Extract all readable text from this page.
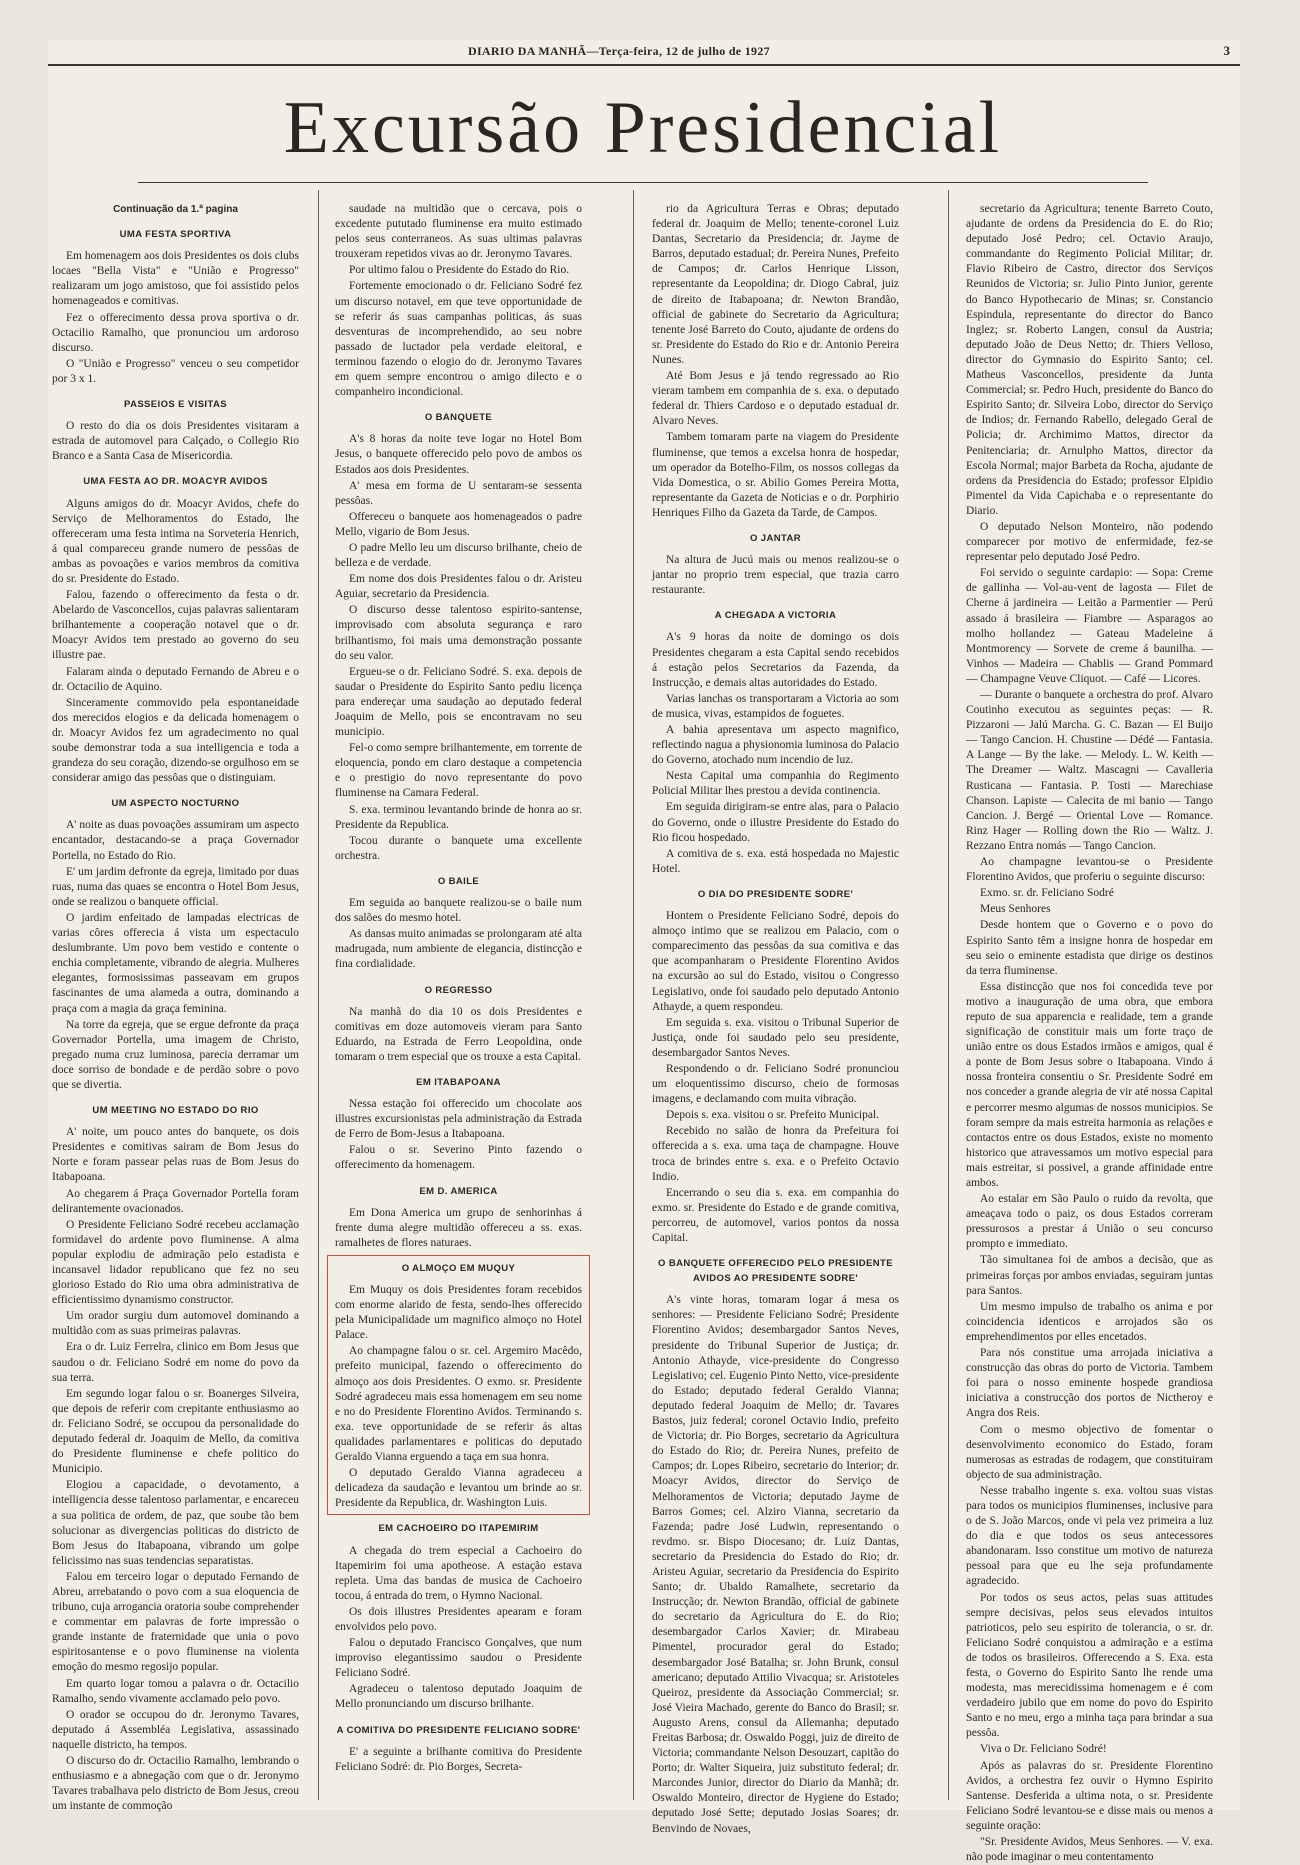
DIARIO DA MANHÃ—Terça-feira, 12 de julho de 1927	3
Excursão Presidencial
Continuação da 1.ª pagina
UMA FESTA SPORTIVA

Em homenagem aos dois Presidentes os dois clubs locaes "Bella Vista" e "União e Progresso" realizaram um jogo amistoso, que foi assistido pelos homenageados e comitivas.

Fez o offerecimento dessa prova sportiva o dr. Octacilio Ramalho, que pronunciou um ardoroso discurso.

O "União e Progresso" venceu o seu competidor por 3 x 1.

PASSEIOS E VISITAS

O resto do dia os dois Presidentes visitaram a estrada de automovel para Calçado, o Collegio Rio Branco e a Santa Casa de Misericordia.

UMA FESTA AO DR. MOACYR AVIDOS

Alguns amigos do dr. Moacyr Avidos, chefe do Serviço de Melhoramentos do Estado, lhe offereceram uma festa intima na Sorveteria Henrich, á qual compareceu grande numero de pessôas de ambas as povoações e varios membros da comitiva do sr. Presidente do Estado.

Falou, fazendo o offerecimento da festa o dr. Abelardo de Vasconcellos, cujas palavras salientaram brilhantemente a cooperação notavel que o dr. Moacyr Avidos tem prestado ao governo do seu illustre pae.

Falaram ainda o deputado Fernando de Abreu e o dr. Octacilio de Aquino.

Sinceramente commovido pela espontaneidade dos merecidos elogios e da delicada homenagem o dr. Moacyr Avidos fez um agradecimento no qual soube demonstrar toda a sua intelligencia e toda a grandeza do seu coração, dizendo-se orgulhoso em se considerar amigo das pessôas que o distinguiam.

UM ASPECTO NOCTURNO

A' noite as duas povoações assumiram um aspecto encantador, destacando-se a praça Governador Portella, no Estado do Rio.

E' um jardim defronte da egreja, limitado por duas ruas, numa das quaes se encontra o Hotel Bom Jesus, onde se realizou o banquete official.

O jardim enfeitado de lampadas electricas de varias côres offerecia á vista um espectaculo deslumbrante. Um povo bem vestido e contente o enchia completamente, vibrando de alegria. Mulheres elegantes, formosissimas passeavam em grupos fascinantes de uma alameda a outra, dominando a praça com a magia da graça feminina.

Na torre da egreja, que se ergue defronte da praça Governador Portella, uma imagem de Christo, pregado numa cruz luminosa, parecia derramar um doce sorriso de bondade e de perdão sobre o povo que se divertia.

UM MEETING NO ESTADO DO RIO

A' noite, um pouco antes do banquete, os dois Presidentes e comitivas sairam de Bom Jesus do Norte e foram passear pelas ruas de Bom Jesus do Itabapoana.

Ao chegarem á Praça Governador Portella foram delirantemente ovacionados.

O Presidente Feliciano Sodré recebeu acclamação formidavel do ardente povo fluminense. A alma popular explodiu de admiração pelo estadista e incansavel lidador republicano que fez no seu glorioso Estado do Rio uma obra administrativa de efficientissimo dynamismo constructor.

Um orador surgiu dum automovel dominando a multidão com as suas primeiras palavras.

Era o dr. Luiz Ferrelra, clinico em Bom Jesus que saudou o dr. Feliciano Sodré em nome do povo da sua terra.

Em segundo logar falou o sr. Boanerges Silveira, que depois de referir com crepitante enthusiasmo ao dr. Feliciano Sodré, se occupou da personalidade do deputado federal dr. Joaquim de Mello, da comitiva do Presidente fluminense e chefe politico do Municipio.

Elogiou a capacidade, o devotamento, a intelligencia desse talentoso parlamentar, e encareceu a sua politica de ordem, de paz, que soube tão bem solucionar as divergencias politicas do districto de Bom Jesus do Itabapoana, vibrando um golpe felicissimo nas suas tendencias separatistas.

Falou em terceiro logar o deputado Fernando de Abreu, arrebatando o povo com a sua eloquencia de tribuno, cuja arrogancia oratoria soube comprehender e commentar em palavras de forte impressão o grande instante de fraternidade que unia o povo espiritosantense e o povo fluminense na violenta emoção do mesmo regosijo popular.

Em quarto logar tomou a palavra o dr. Octacilio Ramalho, sendo vivamente acclamado pelo povo.

O orador se occupou do dr. Jeronymo Tavares, deputado á Assembléa Legislativa, assassinado naquelle districto, ha tempos.

O discurso do dr. Octacilio Ramalho, lembrando o enthusiasmo e a abnegação com que o dr. Jeronymo Tavares trabalhava pelo districto de Bom Jesus, creou um instante de commoção

saudade na multidão que o cercava, pois o excedente pututado fluminense era muito estimado pelos seus conterraneos. As suas ultimas palavras trouxeram repetidos vivas ao dr. Jeronymo Tavares.

Por ultimo falou o Presidente do Estado do Rio.

Fortemente emocionado o dr. Feliciano Sodré fez um discurso notavel, em que teve opportunidade de se referir ás suas campanhas politicas, ás suas desventuras de incomprehendido, ao seu nobre passado de luctador pela verdade eleitoral, e terminou fazendo o elogio do dr. Jeronymo Tavares em quem sempre encontrou o amigo dilecto e o companheiro incondicional.

O BANQUETE

A's 8 horas da noite teve logar no Hotel Bom Jesus, o banquete offerecido pelo povo de ambos os Estados aos dois Presidentes.

A' mesa em forma de U sentaram-se sessenta pessôas.

Offereceu o banquete aos homenageados o padre Mello, vigario de Bom Jesus.

O padre Mello leu um discurso brilhante, cheio de belleza e de verdade.

Em nome dos dois Presidentes falou o dr. Aristeu Aguiar, secretario da Presidencia.

O discurso desse talentoso espirito-santense, improvisado com absoluta segurança e raro brilhantismo, foi mais uma demonstração possante do seu valor.

Ergueu-se o dr. Feliciano Sodré. S. exa. depois de saudar o Presidente do Espirito Santo pediu licença para endereçar uma saudação ao deputado federal Joaquim de Mello, pois se encontravam no seu municipio.

Fel-o como sempre brilhantemente, em torrente de eloquencia, pondo em claro destaque a competencia e o prestigio do novo representante do povo fluminense na Camara Federal.

S. exa. terminou levantando brinde de honra ao sr. Presidente da Republica.

Tocou durante o banquete uma excellente orchestra.

O BAILE

Em seguida ao banquete realizou-se o baile num dos salões do mesmo hotel.

As dansas muito animadas se prolongaram até alta madrugada, num ambiente de elegancia, distincção e fina cordialidade.

O REGRESSO

Na manhã do dia 10 os dois Presidentes e comitivas em doze automoveis vieram para Santo Eduardo, na Estrada de Ferro Leopoldina, onde tomaram o trem especial que os trouxe a esta Capital.

EM ITABAPOANA

Nessa estação foi offerecido um chocolate aos illustres excursionistas pela administração da Estrada de Ferro de Bom-Jesus a Itabapoana.

Falou o sr. Severino Pinto fazendo o offerecimento da homenagem.

EM D. AMERICA

Em Dona America um grupo de senhorinhas á frente duma alegre multidão offereceu a ss. exas. ramalhetes de flores naturaes.

O ALMOÇO EM MUQUY

Em Muquy os dois Presidentes foram recebidos com enorme alarido de festa, sendo-lhes offerecido pela Municipalidade um magnifico almoço no Hotel Palace.

Ao champagne falou o sr. cel. Argemiro Macêdo, prefeito municipal, fazendo o offerecimento do almoço aos dois Presidentes. O exmo. sr. Presidente Sodré agradeceu mais essa homenagem em seu nome e no do Presidente Florentino Avidos. Terminando s. exa. teve opportunidade de se referir ás altas qualidades parlamentares e politicas do deputado Geraldo Vianna erguendo a taça em sua honra.

O deputado Geraldo Vianna agradeceu a delicadeza da saudação e levantou um brinde ao sr. Presidente da Republica, dr. Washington Luis.

EM CACHOEIRO DO ITAPEMIRIM

A chegada do trem especial a Cachoeiro do Itapemirim foi uma apotheose. A estação estava repleta. Uma das bandas de musica de Cachoeiro tocou, á entrada do trem, o Hymno Nacional.

Os dois illustres Presidentes apearam e foram envolvidos pelo povo.

Falou o deputado Francisco Gonçalves, que num improviso elegantissimo saudou o Presidente Feliciano Sodré.

Agradeceu o talentoso deputado Joaquim de Mello pronunciando um discurso brilhante.

A COMITIVA DO PRESIDENTE FELICIANO SODRE'

E' a seguinte a brilhante comitiva do Presidente Feliciano Sodré: dr. Pio Borges, Secreta-

rio da Agricultura Terras e Obras; deputado federal dr. Joaquim de Mello; tenente-coronel Luiz Dantas, Secretario da Presidencia; dr. Jayme de Barros, deputado estadual; dr. Pereira Nunes, Prefeito de Campos; dr. Carlos Henrique Lisson, representante da Leopoldina; dr. Diogo Cabral, juiz de direito de Itabapoana; dr. Newton Brandão, official de gabinete do Secretario da Agricultura; tenente José Barreto do Couto, ajudante de ordens do sr. Presidente do Estado do Rio e dr. Antonio Pereira Nunes.

Até Bom Jesus e já tendo regressado ao Rio vieram tambem em companhia de s. exa. o deputado federal dr. Thiers Cardoso e o deputado estadual dr. Alvaro Neves.

Tambem tomaram parte na viagem do Presidente fluminense, que temos a excelsa honra de hospedar, um operador da Botelho-Film, os nossos collegas da Vida Domestica, o sr. Abilio Gomes Pereira Motta, representante da Gazeta de Noticias e o dr. Porphirio Henriques Filho da Gazeta da Tarde, de Campos.

O JANTAR

Na altura de Jucú mais ou menos realizou-se o jantar no proprio trem especial, que trazia carro restaurante.

A CHEGADA A VICTORIA

A's 9 horas da noite de domingo os dois Presidentes chegaram a esta Capital sendo recebidos á estação pelos Secretarios da Fazenda, da Instrucção, e demais altas autoridades do Estado.

Varias lanchas os transportaram a Victoria ao som de musica, vivas, estampidos de foguetes.

A bahia apresentava um aspecto magnifico, reflectindo nagua a physionomia luminosa do Palacio do Governo, atochado num incendio de luz.

Nesta Capital uma companhia do Regimento Policial Militar lhes prestou a devida continencia.

Em seguida dirigiram-se entre alas, para o Palacio do Governo, onde o illustre Presidente do Estado do Rio ficou hospedado.

A comitiva de s. exa. está hospedada no Majestic Hotel.

O DIA DO PRESIDENTE SODRE'

Hontem o Presidente Feliciano Sodré, depois do almoço intimo que se realizou em Palacio, com o comparecimento das pessôas da sua comitiva e das que acompanharam o Presidente Florentino Avidos na excursão ao sul do Estado, visitou o Congresso Legislativo, onde foi saudado pelo deputado Antonio Athayde, a quem respondeu.

Em seguida s. exa. visitou o Tribunal Superior de Justiça, onde foi saudado pelo seu presidente, desembargador Santos Neves.

Respondendo o dr. Feliciano Sodré pronunciou um eloquentissimo discurso, cheio de formosas imagens, e declamando com muita vibração.

Depois s. exa. visitou o sr. Prefeito Municipal.

Recebido no salão de honra da Prefeitura foi offerecida a s. exa. uma taça de champagne. Houve troca de brindes entre s. exa. e o Prefeito Octavio Indio.

Encerrando o seu dia s. exa. em companhia do exmo. sr. Presidente do Estado e de grande comitiva, percorreu, de automovel, varios pontos da nossa Capital.

O BANQUETE OFFERECIDO PELO PRESIDENTE AVIDOS AO PRESIDENTE SODRE'

A's vinte horas, tomaram logar á mesa os senhores: — Presidente Feliciano Sodré; Presidente Florentino Avidos; desembargador Santos Neves, presidente do Tribunal Superior de Justiça; dr. Antonio Athayde, vice-presidente do Congresso Legislativo; cel. Eugenio Pinto Netto, vice-presidente do Estado; deputado federal Geraldo Vianna; deputado federal Joaquim de Mello; dr. Tavares Bastos, juiz federal; coronel Octavio Indio, prefeito de Victoria; dr. Pio Borges, secretario da Agricultura do Estado do Rio; dr. Pereira Nunes, prefeito de Campos; dr. Lopes Ribeiro, secretario do Interior; dr. Moacyr Avidos, director do Serviço de Melhoramentos de Victoria; deputado Jayme de Barros Gomes; cel. Alziro Vianna, secretario da Fazenda; padre José Ludwin, representando o revdmo. sr. Bispo Diocesano; dr. Luiz Dantas, secretario da Presidencia do Estado do Rio; dr. Aristeu Aguiar, secretario da Presidencia do Espirito Santo; dr. Ubaldo Ramalhete, secretario da Instrucção; dr. Newton Brandão, official de gabinete do secretario da Agricultura do E. do Rio; desembargador Carlos Xavier; dr. Mirabeau Pimentel, procurador geral do Estado; desembargador José Batalha; sr. John Brunk, consul americano; deputado Attilio Vivacqua; sr. Aristoteles Queiroz, presidente da Associação Commercial; sr. José Vieira Machado, gerente do Banco do Brasil; sr. Augusto Arens, consul da Allemanha; deputado Freitas Barbosa; dr. Oswaldo Poggi, juiz de direito de Victoria; commandante Nelson Desouzart, capitão do Porto; dr. Walter Siqueira, juiz substituto federal; dr. Marcondes Junior, director do Diario da Manhã; dr. Oswaldo Monteiro, director de Hygiene do Estado; deputado José Sette; deputado Josias Soares; dr. Benvindo de Novaes,

secretario da Agricultura; tenente Barreto Couto, ajudante de ordens da Presidencia do E. do Rio; deputado José Pedro; cel. Octavio Araujo, commandante do Regimento Policial Militar; dr. Flavio Ribeiro de Castro, director dos Serviços Reunidos de Victoria; sr. Julio Pinto Junior, gerente do Banco Hypothecario de Minas; sr. Constancio Espindula, representante do director do Banco Inglez; sr. Roberto Langen, consul da Austria; deputado João de Deus Netto; dr. Thiers Velloso, director do Gymnasio do Espirito Santo; cel. Matheus Vasconcellos, presidente da Junta Commercial; sr. Pedro Huch, presidente do Banco do Espirito Santo; dr. Silveira Lobo, director do Serviço de Indios; dr. Fernando Rabello, delegado Geral de Policia; dr. Archimimo Mattos, director da Penitenciaria; dr. Arnulpho Mattos, director da Escola Normal; major Barbeta da Rocha, ajudante de ordens da Presidencia do Estado; professor Elpidio Pimentel da Vida Capichaba e o representante do Diario.

O deputado Nelson Monteiro, não podendo comparecer por motivo de enfermidade, fez-se representar pelo deputado José Pedro.

Foi servido o seguinte cardapio: — Sopa: Creme de gallinha — Vol-au-vent de lagosta — Filet de Cherne á jardineira — Leitão a Parmentier — Perú assado á brasileira — Fiambre — Asparagos ao molho hollandez — Gateau Madeleine á Montmorency — Sorvete de creme á baunilha. — Vinhos — Madeira — Chablis — Grand Pommard — Champagne Veuve Cliquot. — Café — Licores.

— Durante o banquete a orchestra do prof. Alvaro Coutinho executou as seguintes peças: — R. Pizzaroni — Jalú Marcha. G. C. Bazan — El Buijo — Tango Cancion. H. Chustine — Dédé — Fantasia. A Lange — By the lake. — Melody. L. W. Keith — The Dreamer — Waltz. Mascagni — Cavalleria Rusticana — Fantasia. P. Tosti — Marechiase Chanson. Lapiste — Calecita de mi banio — Tango Cancion. J. Bergé — Oriental Love — Romance. Rinz Hager — Rolling down the Rio — Waltz. J. Rezzano Entra nomás — Tango Cancion.

Ao champagne levantou-se o Presidente Florentino Avidos, que proferiu o seguinte discurso:

Exmo. sr. dr. Feliciano Sodré

Meus Senhores

Desde hontem que o Governo e o povo do Espirito Santo têm a insigne honra de hospedar em seu seio o eminente estadista que dirige os destinos da terra fluminense.

Essa distincção que nos foi concedida teve por motivo a inauguração de uma obra, que embora reputo de sua apparencia e realidade, tem a grande significação de constituir mais um forte traço de união entre os dous Estados irmãos e amigos, qual é a ponte de Bom Jesus sobre o Itabapoana. Vindo á nossa fronteira consentiu o Sr. Presidente Sodré em nos conceder a grande alegria de vir até nossa Capital e percorrer mesmo algumas de nossos municipios. Se foram sempre da mais estreita harmonia as relações e contactos entre os dous Estados, existe no momento historico que atravessamos um motivo especial para mais estreitar, si possivel, a grande affinidade entre ambos.

Ao estalar em São Paulo o ruido da revolta, que ameaçava todo o paiz, os dous Estados correram pressurosos a prestar á União o seu concurso prompto e immediato.

Tão simultanea foi de ambos a decisão, que as primeiras forças por ambos enviadas, seguiram juntas para Santos.

Um mesmo impulso de trabalho os anima e por coincidencia identicos e arrojados são os emprehendimentos por elles encetados.

Para nós constitue uma arrojada iniciativa a construcção das obras do porto de Victoria. Tambem foi para o nosso eminente hospede grandiosa iniciativa a construcção dos portos de Nictheroy e Angra dos Reis.

Com o mesmo objectivo de fomentar o desenvolvimento economico do Estado, foram numerosas as estradas de rodagem, que constituiram objecto de sua administração.

Nesse trabalho ingente s. exa. voltou suas vistas para todos os municipios fluminenses, inclusive para o de S. João Marcos, onde vi pela vez primeira a luz do dia e que todos os seus antecessores abandonaram. Isso constitue um motivo de natureza pessoal para que eu lhe seja profundamente agradecido.

Por todos os seus actos, pelas suas attitudes sempre decisivas, pelos seus elevados intuitos patrioticos, pelo seu espirito de tolerancia, o sr. dr. Feliciano Sodré conquistou a admiração e a estima de todos os brasileiros. Offerecendo a S. Exa. esta festa, o Governo do Espirito Santo lhe rende uma modesta, mas merecidissima homenagem e é com verdadeiro jubilo que em nome do povo do Espirito Santo e no meu, ergo a minha taça para brindar a sua pessôa.

Viva o Dr. Feliciano Sodré!

Após as palavras do sr. Presidente Florentino Avidos, a orchestra fez ouvir o Hymno Espirito Santense. Desferida a ultima nota, o sr. Presidente Feliciano Sodré levantou-se e disse mais ou menos a seguinte oração:

"Sr. Presidente Avidos, Meus Senhores. — V. exa. não pode imaginar o meu contentamento
